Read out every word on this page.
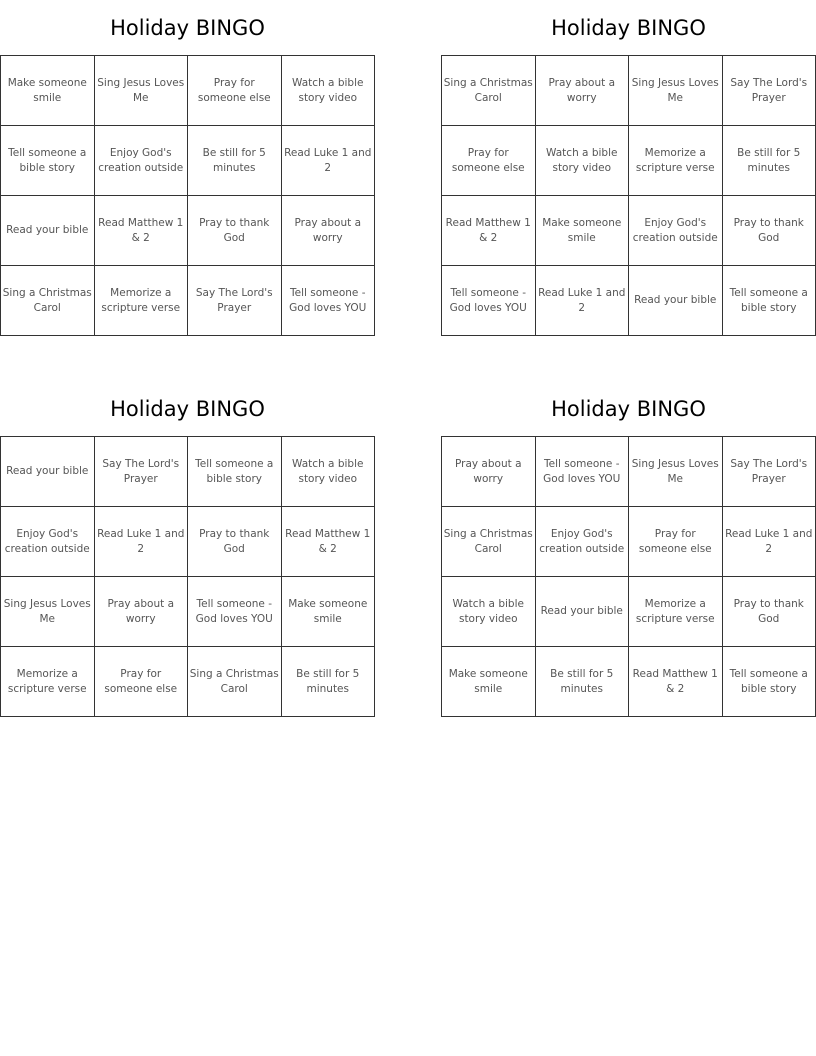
Holiday BINGO
Make someone smile
Sing Jesus Loves Me
Pray for someone else
Watch a bible story video
Tell someone a bible story
Enjoy God's creation outside
Be still for 5 minutes
Read Luke 1 and 2
Read your bible
Read Matthew 1 & 2
Pray to thank God
Pray about a worry
Sing a Christmas Carol
Memorize a scripture verse
Say The Lord's Prayer
Tell someone - God loves YOU
Holiday BINGO
Sing a Christmas Carol
Pray about a worry
Sing Jesus Loves Me
Say The Lord's Prayer
Pray for someone else
Watch a bible story video
Memorize a scripture verse
Be still for 5 minutes
Read Matthew 1 & 2
Make someone smile
Enjoy God's creation outside
Pray to thank God
Tell someone - God loves YOU
Read Luke 1 and 2
Read your bible
Tell someone a bible story
Holiday BINGO
Read your bible
Say The Lord's Prayer
Tell someone a bible story
Watch a bible story video
Enjoy God's creation outside
Read Luke 1 and 2
Pray to thank God
Read Matthew 1 & 2
Sing Jesus Loves Me
Pray about a worry
Tell someone - God loves YOU
Make someone smile
Memorize a scripture verse
Pray for someone else
Sing a Christmas Carol
Be still for 5 minutes
Holiday BINGO
Pray about a worry
Tell someone - God loves YOU
Sing Jesus Loves Me
Say The Lord's Prayer
Sing a Christmas Carol
Enjoy God's creation outside
Pray for someone else
Read Luke 1 and 2
Watch a bible story video
Read your bible
Memorize a scripture verse
Pray to thank God
Make someone smile
Be still for 5 minutes
Read Matthew 1 & 2
Tell someone a bible story
